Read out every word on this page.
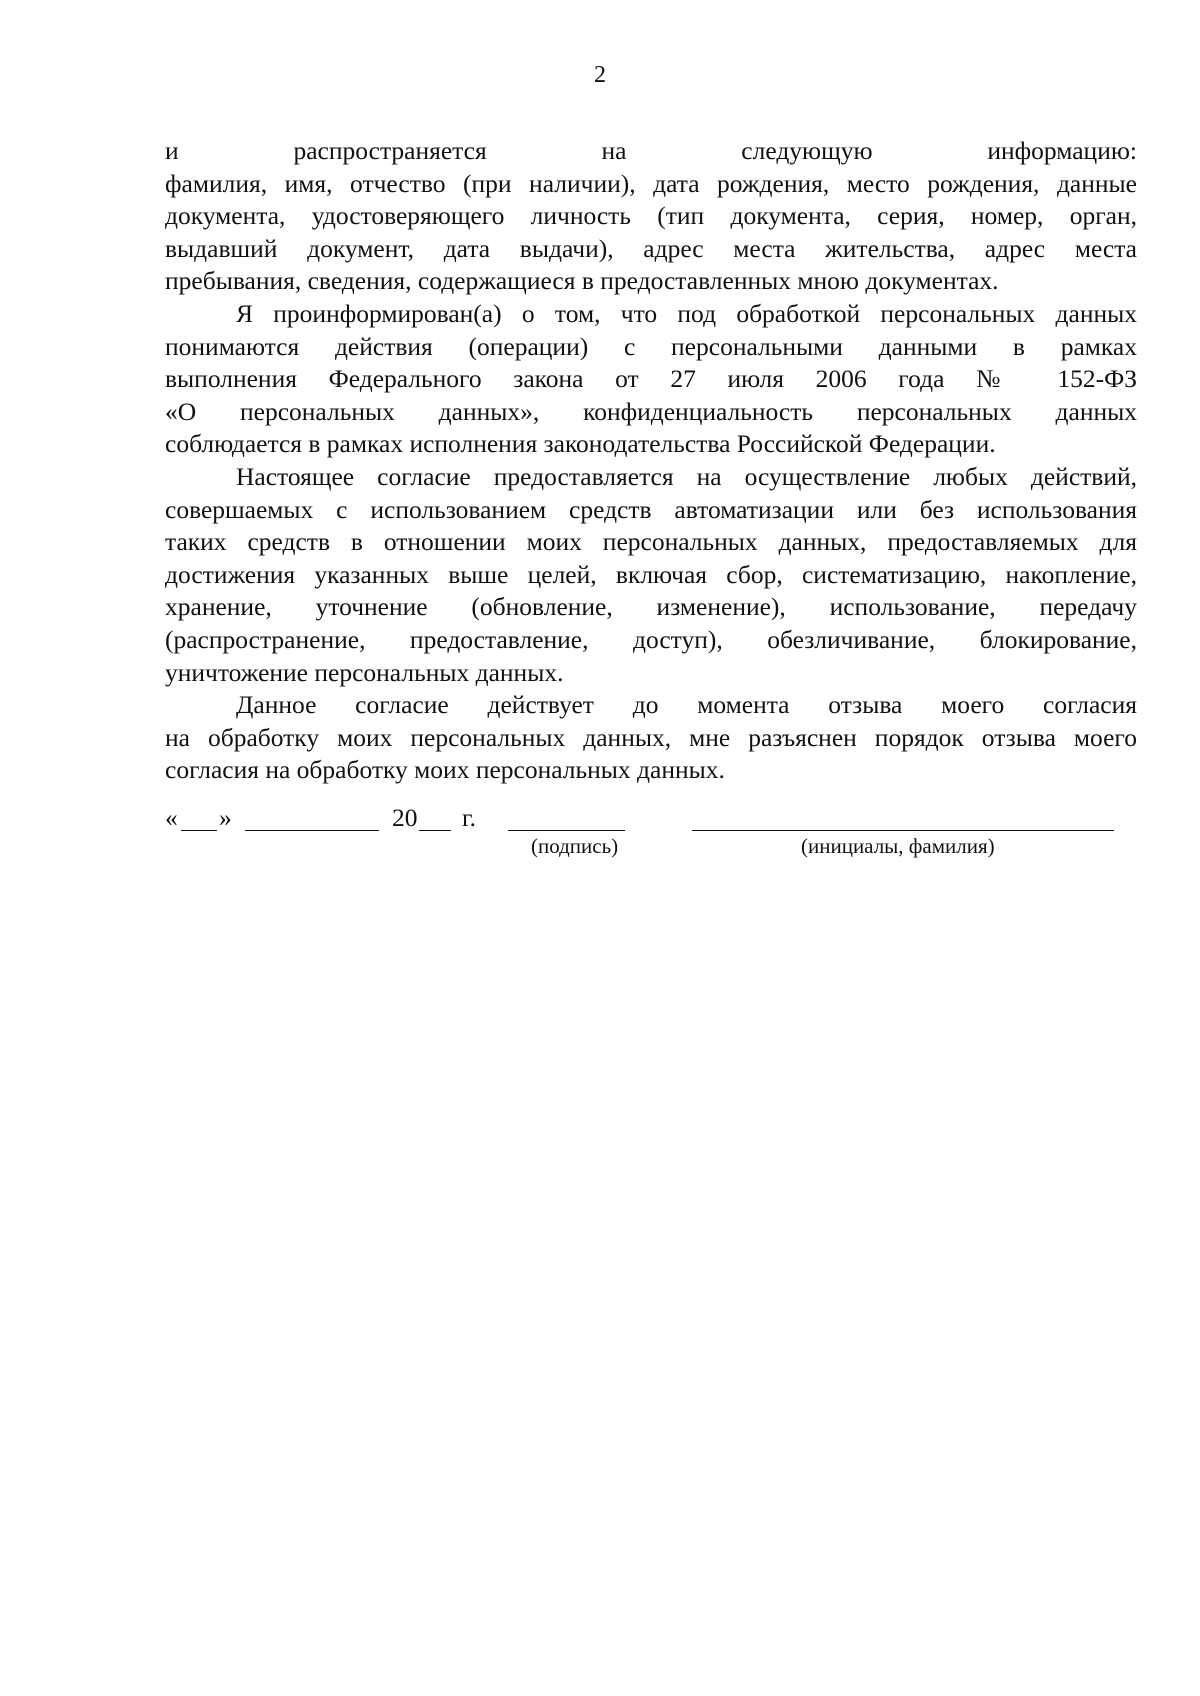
2

и распространяется на следующую информацию:
фамилия, имя, отчество (при наличии), дата рождения, место рождения, данные
документа, удостоверяющего личность (тип документа, серия, номер, орган,
выдавший документ, дата выдачи), адрес места жительства, адрес места
пребывания, сведения, содержащиеся в предоставленных мною документах.

Я проинформирован(а) о том, что под обработкой персональных данных
понимаются действия (операции) с персональными данными в рамках
выполнения Федерального закона от 27 июля 2006 года № 152-ФЗ
«О персональных данных», конфиденциальность персональных данных
соблюдается в рамках исполнения законодательства Российской Федерации.

Настоящее согласие предоставляется на осуществление любых действий,
совершаемых с использованием средств автоматизации или без использования
таких средств в отношении моих персональных данных, предоставляемых для
достижения указанных выше целей, включая сбор, систематизацию, накопление,
хранение, уточнение (обновление, изменение), использование, передачу
(распространение, предоставление, доступ), обезличивание, блокирование,
уничтожение персональных данных.

Данное согласие действует до момента отзыва моего согласия
на обработку моих персональных данных, мне разъяснен порядок отзыва моего
согласия на обработку моих персональных данных.

« »	20 г.
(подпись)	(инициалы, фамилия)
